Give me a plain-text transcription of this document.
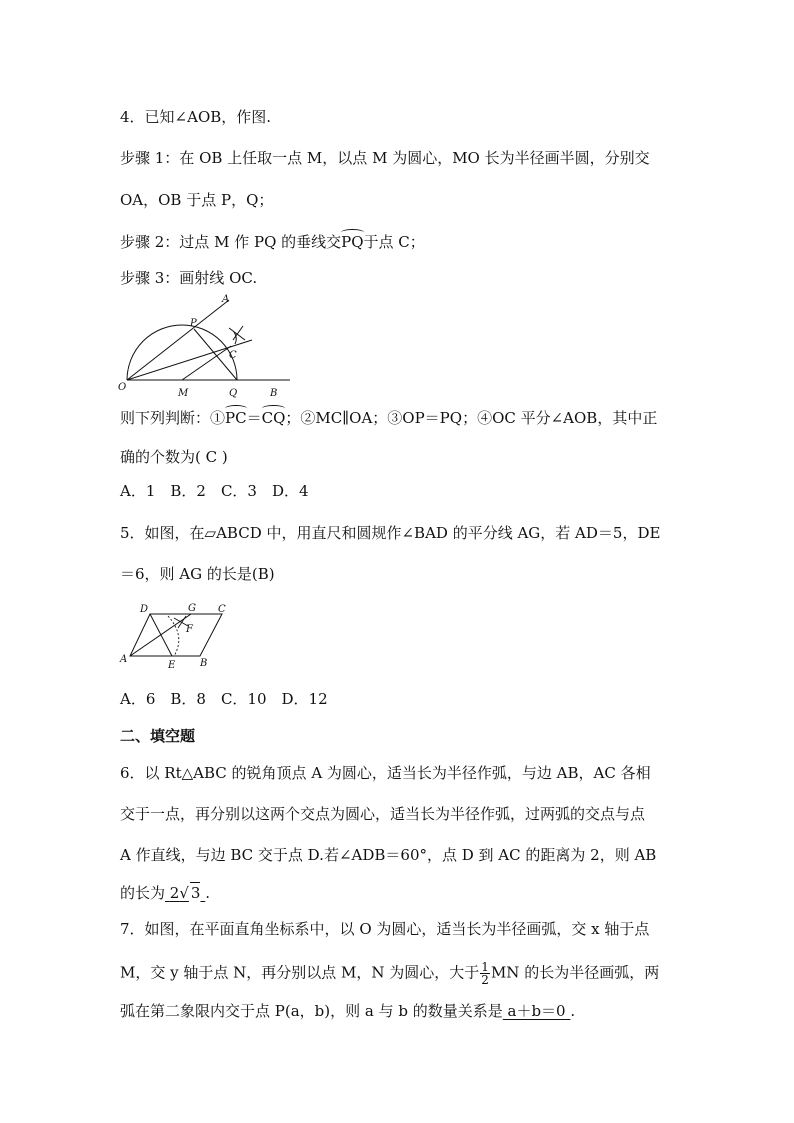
4．已知∠AOB，作图.
步骤 1：在 OB 上任取一点 M，以点 M 为圆心，MO 长为半径画半圆，分别交
OA，OB 于点 P，Q；
步骤 2：过点 M 作 PQ 的垂线交PQ于点 C；
步骤 3：画射线 OC.
A
P
C
O
M	Q	B
则下列判断：①PC＝CQ；②MC∥OA；③OP＝PQ；④OC 平分∠AOB，其中正
确的个数为( C )
A．1　B．2　C．3　D．4
5．如图，在▱ABCD 中，用直尺和圆规作∠BAD 的平分线 AG，若 AD＝5，DE
＝6，则 AG 的长是(B)
D	G C
F
A
E B
A．6　B．8　C．10　D．12
二、填空题
6．以 Rt△ABC 的锐角顶点 A 为圆心，适当长为半径作弧，与边 AB，AC 各相
交于一点，再分别以这两个交点为圆心，适当长为半径作弧，过两弧的交点与点
A 作直线，与边 BC 交于点 D.若∠ADB＝60°，点 D 到 AC 的距离为 2，则 AB
的长为 2√ 3 .
7．如图，在平面直角坐标系中，以 O 为圆心，适当长为半径画弧，交 x 轴于点
M，交 y 轴于点 N，再分别以点 M，N 为圆心，大于 $\frac{1}{2}$ MN 的长为半径画弧，两
弧在第二象限内交于点 P(a，b)，则 a 与 b 的数量关系是 a＋b＝0 .
